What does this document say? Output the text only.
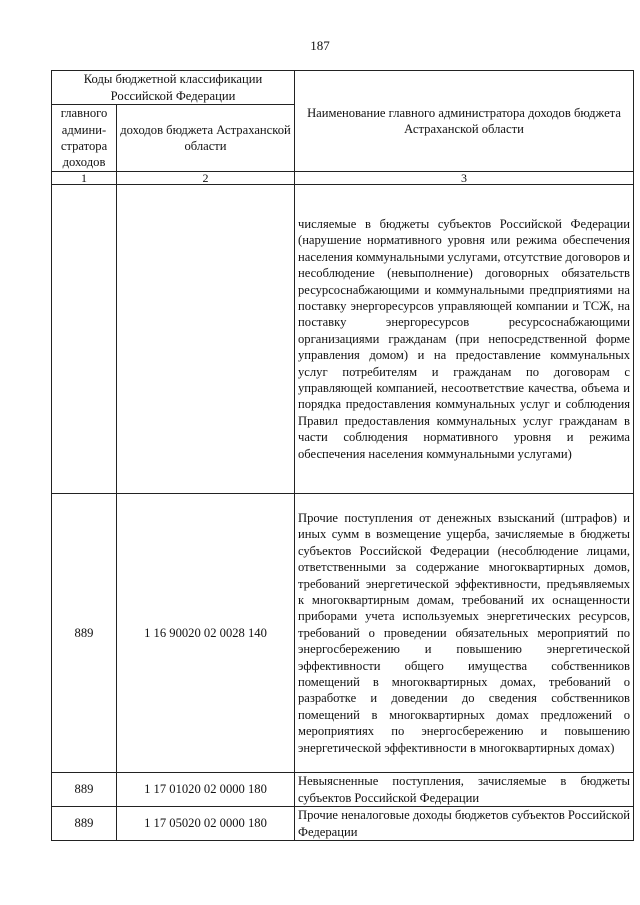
187
Коды бюджетной классификации Российской Федерации		Наименование главного администратора доходов бюджета Астраханской области
главного админи-стратора доходов	доходов бюджета Астраханской области	
1	2	3
		числяемые в бюджеты субъектов Российской Федерации (нарушение нормативного уровня или режима обеспечения населения коммунальными услугами, отсутствие договоров и несоблюдение (невыполнение) договорных обязательств ресурсоснабжающими и коммунальными предприятиями на поставку энергоресурсов управляющей компании и ТСЖ, на поставку энергоресурсов ресурсоснабжающими организациями гражданам (при непосредственной форме управления домом) и на предоставление коммунальных услуг потребителям и гражданам по договорам с управляющей компанией, несоответствие качества, объема и порядка предоставления коммунальных услуг и соблюдения Правил предоставления коммунальных услуг гражданам в части соблюдения нормативного уровня и режима обеспечения населения коммунальными услугами)
889	1 16 90020 02 0028 140	Прочие поступления от денежных взысканий (штрафов) и иных сумм в возмещение ущерба, зачисляемые в бюджеты субъектов Российской Федерации (несоблюдение лицами, ответственными за содержание многоквартирных домов, требований энергетической эффективности, предъявляемых к многоквартирным домам, требований их оснащенности приборами учета используемых энергетических ресурсов, требований о проведении обязательных мероприятий по энергосбережению и повышению энергетической эффективности общего имущества собственников помещений в многоквартирных домах, требований о разработке и доведении до сведения собственников помещений в многоквартирных домах предложений о мероприятиях по энергосбережению и повышению энергетической эффективности в многоквартирных домах)
889	1 17 01020 02 0000 180	Невыясненные поступления, зачисляемые в бюджеты субъектов Российской Федерации
889	1 17 05020 02 0000 180	Прочие неналоговые доходы бюджетов субъектов Российской Федерации
